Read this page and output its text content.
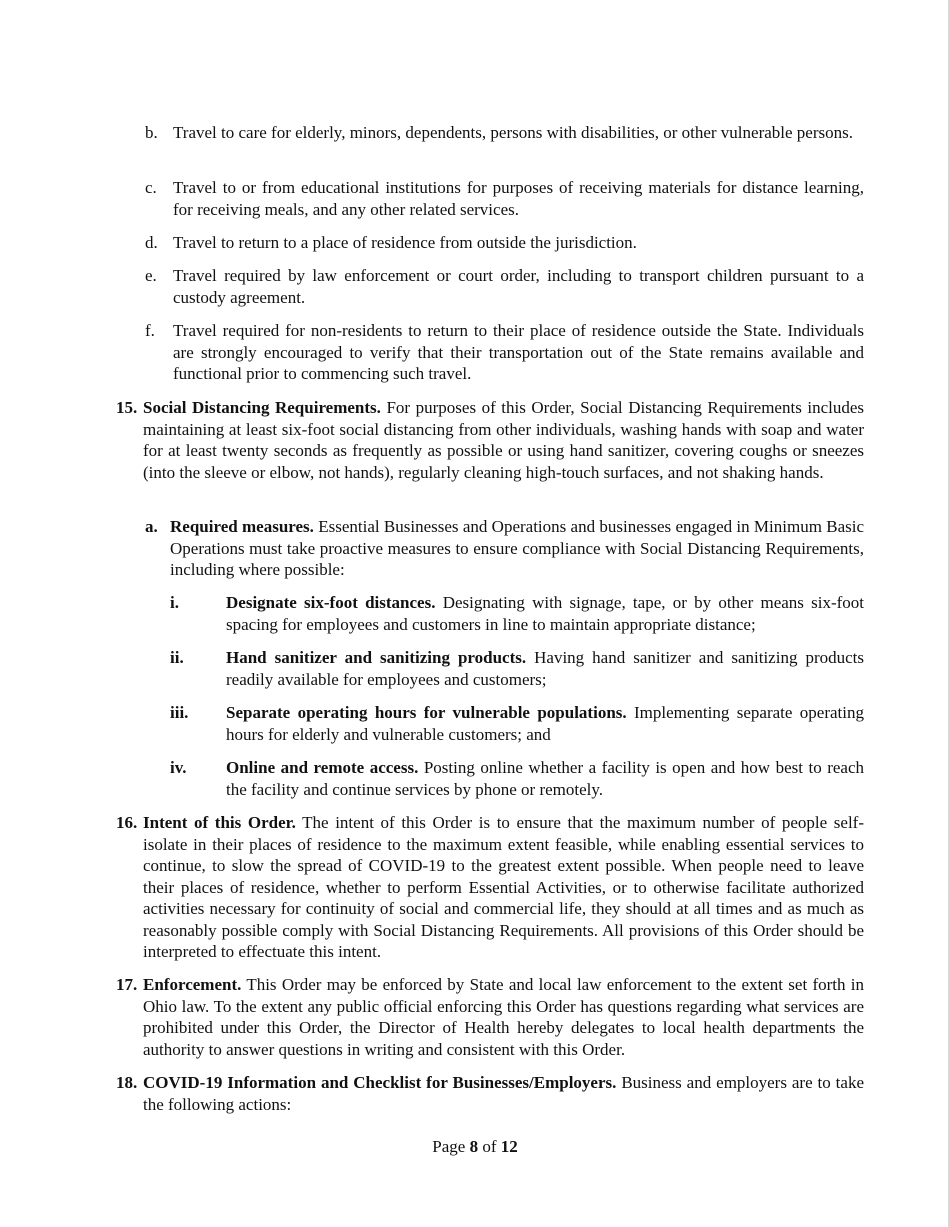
b. Travel to care for elderly, minors, dependents, persons with disabilities, or other vulnerable persons.
c. Travel to or from educational institutions for purposes of receiving materials for distance learning, for receiving meals, and any other related services.
d. Travel to return to a place of residence from outside the jurisdiction.
e. Travel required by law enforcement or court order, including to transport children pursuant to a custody agreement.
f. Travel required for non-residents to return to their place of residence outside the State. Individuals are strongly encouraged to verify that their transportation out of the State remains available and functional prior to commencing such travel.
15. Social Distancing Requirements. For purposes of this Order, Social Distancing Requirements includes maintaining at least six-foot social distancing from other individuals, washing hands with soap and water for at least twenty seconds as frequently as possible or using hand sanitizer, covering coughs or sneezes (into the sleeve or elbow, not hands), regularly cleaning high-touch surfaces, and not shaking hands.
a. Required measures. Essential Businesses and Operations and businesses engaged in Minimum Basic Operations must take proactive measures to ensure compliance with Social Distancing Requirements, including where possible:
i.	Designate six-foot distances. Designating with signage, tape, or by other means six-foot spacing for employees and customers in line to maintain appropriate distance;
ii. Hand sanitizer and sanitizing products. Having hand sanitizer and sanitizing products readily available for employees and customers;
iii. Separate operating hours for vulnerable populations. Implementing separate operating hours for elderly and vulnerable customers; and
iv. Online and remote access. Posting online whether a facility is open and how best to reach the facility and continue services by phone or remotely.
16. Intent of this Order. The intent of this Order is to ensure that the maximum number of people self-isolate in their places of residence to the maximum extent feasible, while enabling essential services to continue, to slow the spread of COVID-19 to the greatest extent possible. When people need to leave their places of residence, whether to perform Essential Activities, or to otherwise facilitate authorized activities necessary for continuity of social and commercial life, they should at all times and as much as reasonably possible comply with Social Distancing Requirements. All provisions of this Order should be interpreted to effectuate this intent.
17. Enforcement. This Order may be enforced by State and local law enforcement to the extent set forth in Ohio law. To the extent any public official enforcing this Order has questions regarding what services are prohibited under this Order, the Director of Health hereby delegates to local health departments the authority to answer questions in writing and consistent with this Order.
18. COVID-19 Information and Checklist for Businesses/Employers. Business and employers are to take the following actions:
Page 8 of 12
